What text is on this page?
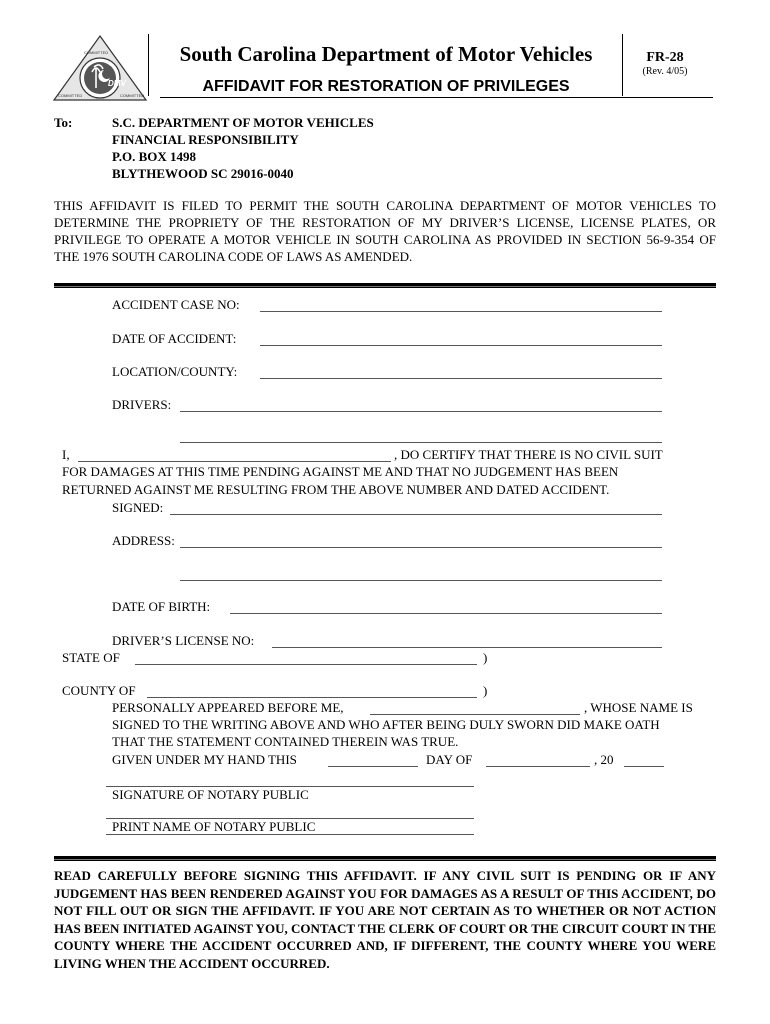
DMV
COMMITTED
COMMITTED	COMMITTED
South Carolina Department of Motor Vehicles
AFFIDAVIT FOR RESTORATION OF PRIVILEGES
FR-28
(Rev. 4/05)
To:	S.C. DEPARTMENT OF MOTOR VEHICLES
FINANCIAL RESPONSIBILITY
P.O. BOX 1498
BLYTHEWOOD SC 29016-0040
THIS AFFIDAVIT IS FILED TO PERMIT THE SOUTH CAROLINA DEPARTMENT OF MOTOR VEHICLES TO DETERMINE THE PROPRIETY OF THE RESTORATION OF MY DRIVER’S LICENSE, LICENSE PLATES, OR PRIVILEGE TO OPERATE A MOTOR VEHICLE IN SOUTH CAROLINA AS PROVIDED IN SECTION 56-9-354 OF THE 1976 SOUTH CAROLINA CODE OF LAWS AS AMENDED.
ACCIDENT CASE NO:
DATE OF ACCIDENT:
LOCATION/COUNTY:
DRIVERS:
I,	, DO CERTIFY THAT THERE IS NO CIVIL SUIT
FOR DAMAGES AT THIS TIME PENDING AGAINST ME AND THAT NO JUDGEMENT HAS BEEN
RETURNED AGAINST ME RESULTING FROM THE ABOVE NUMBER AND DATED ACCIDENT.
SIGNED:
ADDRESS:
DATE OF BIRTH:
DRIVER’S LICENSE NO:
STATE OF	)
COUNTY OF	)
PERSONALLY APPEARED BEFORE ME,	, WHOSE NAME IS
SIGNED TO THE WRITING ABOVE AND WHO AFTER BEING DULY SWORN DID MAKE OATH
THAT THE STATEMENT CONTAINED THEREIN WAS TRUE.
GIVEN UNDER MY HAND THIS	DAY OF	, 20
SIGNATURE OF NOTARY PUBLIC
PRINT NAME OF NOTARY PUBLIC
READ CAREFULLY BEFORE SIGNING THIS AFFIDAVIT. IF ANY CIVIL SUIT IS PENDING OR IF ANY JUDGEMENT HAS BEEN RENDERED AGAINST YOU FOR DAMAGES AS A RESULT OF THIS ACCIDENT, DO NOT FILL OUT OR SIGN THE AFFIDAVIT. IF YOU ARE NOT CERTAIN AS TO WHETHER OR NOT ACTION HAS BEEN INITIATED AGAINST YOU, CONTACT THE CLERK OF COURT OR THE CIRCUIT COURT IN THE COUNTY WHERE THE ACCIDENT OCCURRED AND, IF DIFFERENT, THE COUNTY WHERE YOU WERE LIVING WHEN THE ACCIDENT OCCURRED.
